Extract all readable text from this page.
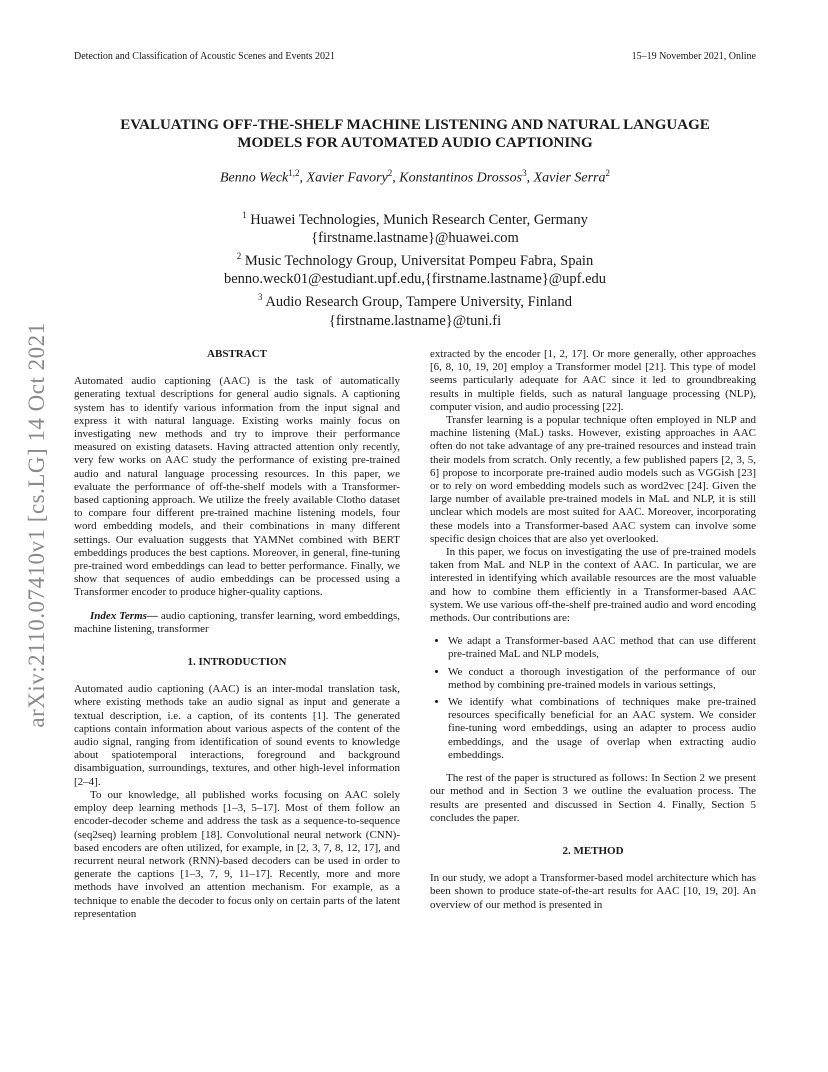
Detection and Classification of Acoustic Scenes and Events 2021	15–19 November 2021, Online
arXiv:2110.07410v1 [cs.LG] 14 Oct 2021
EVALUATING OFF-THE-SHELF MACHINE LISTENING AND NATURAL LANGUAGE
MODELS FOR AUTOMATED AUDIO CAPTIONING
Benno Weck$^{1,2}$, Xavier Favory$^2$, Konstantinos Drossos$^3$, Xavier Serra$^2$
$^1$ Huawei Technologies, Munich Research Center, Germany
{firstname.lastname}@huawei.com
$^2$ Music Technology Group, Universitat Pompeu Fabra, Spain
benno.weck01@estudiant.upf.edu,{firstname.lastname}@upf.edu
$^3$ Audio Research Group, Tampere University, Finland
{firstname.lastname}@tuni.fi
ABSTRACT

Automated audio captioning (AAC) is the task of automatically generating textual descriptions for general audio signals. A captioning system has to identify various information from the input signal and express it with natural language. Existing works mainly focus on investigating new methods and try to improve their performance measured on existing datasets. Having attracted attention only recently, very few works on AAC study the performance of existing pre-trained audio and natural language processing resources. In this paper, we evaluate the performance of off-the-shelf models with a Transformer-based captioning approach. We utilize the freely available Clotho dataset to compare four different pre-trained machine listening models, four word embedding models, and their combinations in many different settings. Our evaluation suggests that YAMNet combined with BERT embeddings produces the best captions. Moreover, in general, fine-tuning pre-trained word embeddings can lead to better performance. Finally, we show that sequences of audio embeddings can be processed using a Transformer encoder to produce higher-quality captions.

Index Terms— audio captioning, transfer learning, word embeddings, machine listening, transformer

1. INTRODUCTION

Automated audio captioning (AAC) is an inter-modal translation task, where existing methods take an audio signal as input and generate a textual description, i.e. a caption, of its contents [1]. The generated captions contain information about various aspects of the content of the audio signal, ranging from identification of sound events to knowledge about spatiotemporal interactions, foreground and background disambiguation, surroundings, textures, and other high-level information [2–4].

To our knowledge, all published works focusing on AAC solely employ deep learning methods [1–3, 5–17]. Most of them follow an encoder-decoder scheme and address the task as a sequence-to-sequence (seq2seq) learning problem [18]. Convolutional neural network (CNN)-based encoders are often utilized, for example, in [2, 3, 7, 8, 12, 17], and recurrent neural network (RNN)-based decoders can be used in order to generate the captions [1–3, 7, 9, 11–17]. Recently, more and more methods have involved an attention mechanism. For example, as a technique to enable the decoder to focus only on certain parts of the latent representation

extracted by the encoder [1, 2, 17]. Or more generally, other approaches [6, 8, 10, 19, 20] employ a Transformer model [21]. This type of model seems particularly adequate for AAC since it led to groundbreaking results in multiple fields, such as natural language processing (NLP), computer vision, and audio processing [22].

Transfer learning is a popular technique often employed in NLP and machine listening (MaL) tasks. However, existing approaches in AAC often do not take advantage of any pre-trained resources and instead train their models from scratch. Only recently, a few published papers [2, 3, 5, 6] propose to incorporate pre-trained audio models such as VGGish [23] or to rely on word embedding models such as word2vec [24]. Given the large number of available pre-trained models in MaL and NLP, it is still unclear which models are most suited for AAC. Moreover, incorporating these models into a Transformer-based AAC system can involve some specific design choices that are also yet overlooked.

In this paper, we focus on investigating the use of pre-trained models taken from MaL and NLP in the context of AAC. In particular, we are interested in identifying which available resources are the most valuable and how to combine them efficiently in a Transformer-based AAC system. We use various off-the-shelf pre-trained audio and word encoding methods. Our contributions are:

• We adapt a Transformer-based AAC method that can use different pre-trained MaL and NLP models,
• We conduct a thorough investigation of the performance of our method by combining pre-trained models in various settings,
• We identify what combinations of techniques make pre-trained resources specifically beneficial for an AAC system. We consider fine-tuning word embeddings, using an adapter to process audio embeddings, and the usage of overlap when extracting audio embeddings.

The rest of the paper is structured as follows: In Section 2 we present our method and in Section 3 we outline the evaluation process. The results are presented and discussed in Section 4. Finally, Section 5 concludes the paper.

2. METHOD

In our study, we adopt a Transformer-based model architecture which has been shown to produce state-of-the-art results for AAC [10, 19, 20]. An overview of our method is presented in
